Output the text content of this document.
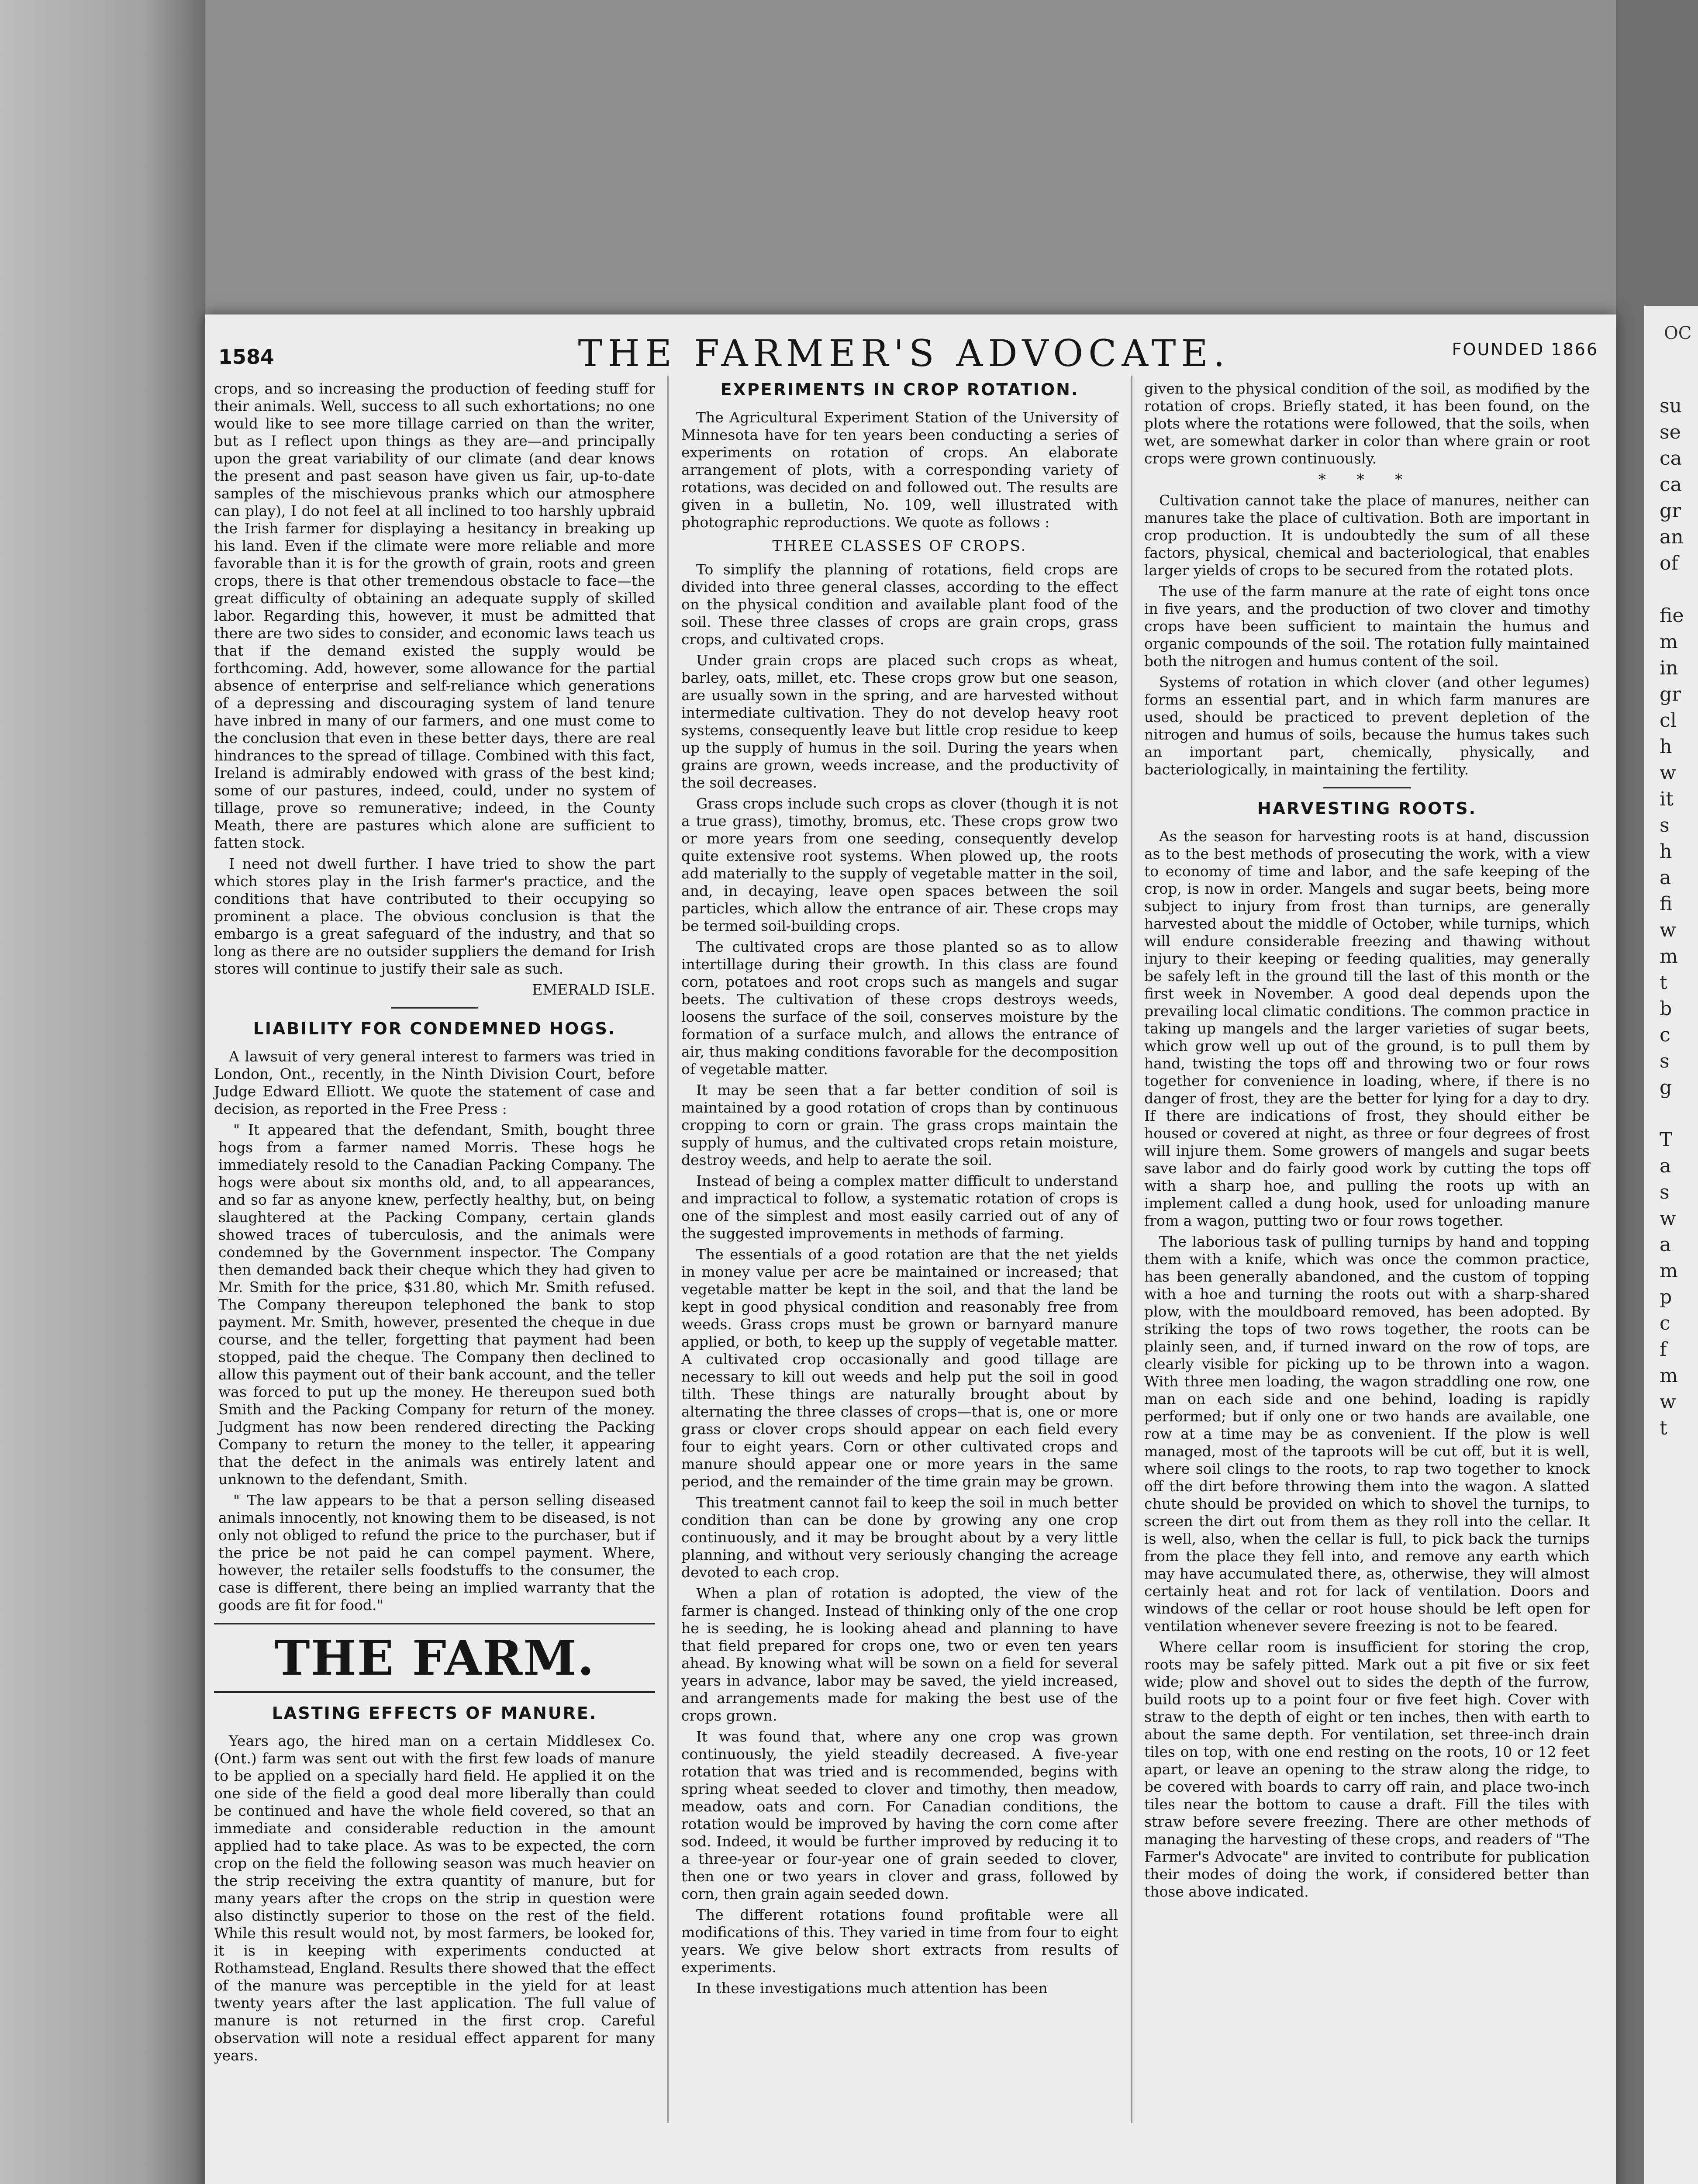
OC
su
se
ca
ca
gr
an
of
fie
m
in
gr
cl
h
w
it
s
h
a
fi
w
m
t
b
c
s
g
T
a
s
w
a
m
p
c
f
m
w
t
1584	THE FARMER'S ADVOCATE.	FOUNDED 1866

crops, and so increasing the production of feeding stuff for their animals. Well, success to all such exhortations; no one would like to see more tillage carried on than the writer, but as I reflect upon things as they are—and principally upon the great variability of our climate (and dear knows the present and past season have given us fair, up-to-date samples of the mischievous pranks which our atmosphere can play), I do not feel at all inclined to too harshly upbraid the Irish farmer for displaying a hesitancy in breaking up his land. Even if the climate were more reliable and more favorable than it is for the growth of grain, roots and green crops, there is that other tremendous obstacle to face—the great difficulty of obtaining an adequate supply of skilled labor. Regarding this, however, it must be admitted that there are two sides to consider, and economic laws teach us that if the demand existed the supply would be forthcoming. Add, however, some allowance for the partial absence of enterprise and self-reliance which generations of a depressing and discouraging system of land tenure have inbred in many of our farmers, and one must come to the conclusion that even in these better days, there are real hindrances to the spread of tillage. Combined with this fact, Ireland is admirably endowed with grass of the best kind; some of our pastures, indeed, could, under no system of tillage, prove so remunerative; indeed, in the County Meath, there are pastures which alone are sufficient to fatten stock.

I need not dwell further. I have tried to show the part which stores play in the Irish farmer's practice, and the conditions that have contributed to their occupying so prominent a place. The obvious conclusion is that the embargo is a great safeguard of the industry, and that so long as there are no outsider suppliers the demand for Irish stores will continue to justify their sale as such.

EMERALD ISLE.

LIABILITY FOR CONDEMNED HOGS.

A lawsuit of very general interest to farmers was tried in London, Ont., recently, in the Ninth Division Court, before Judge Edward Elliott. We quote the statement of case and decision, as reported in the Free Press :

" It appeared that the defendant, Smith, bought three hogs from a farmer named Morris. These hogs he immediately resold to the Canadian Packing Company. The hogs were about six months old, and, to all appearances, and so far as anyone knew, perfectly healthy, but, on being slaughtered at the Packing Company, certain glands showed traces of tuberculosis, and the animals were condemned by the Government inspector. The Company then demanded back their cheque which they had given to Mr. Smith for the price, $31.80, which Mr. Smith refused. The Company thereupon telephoned the bank to stop payment. Mr. Smith, however, presented the cheque in due course, and the teller, forgetting that payment had been stopped, paid the cheque. The Company then declined to allow this payment out of their bank account, and the teller was forced to put up the money. He thereupon sued both Smith and the Packing Company for return of the money. Judgment has now been rendered directing the Packing Company to return the money to the teller, it appearing that the defect in the animals was entirely latent and unknown to the defendant, Smith.

" The law appears to be that a person selling diseased animals innocently, not knowing them to be diseased, is not only not obliged to refund the price to the purchaser, but if the price be not paid he can compel payment. Where, however, the retailer sells foodstuffs to the consumer, the case is different, there being an implied warranty that the goods are fit for food."

THE FARM.
LASTING EFFECTS OF MANURE.

Years ago, the hired man on a certain Middlesex Co. (Ont.) farm was sent out with the first few loads of manure to be applied on a specially hard field. He applied it on the one side of the field a good deal more liberally than could be continued and have the whole field covered, so that an immediate and considerable reduction in the amount applied had to take place. As was to be expected, the corn crop on the field the following season was much heavier on the strip receiving the extra quantity of manure, but for many years after the crops on the strip in question were also distinctly superior to those on the rest of the field. While this result would not, by most farmers, be looked for, it is in keeping with experiments conducted at Rothamstead, England. Results there showed that the effect of the manure was perceptible in the yield for at least twenty years after the last application. The full value of manure is not returned in the first crop. Careful observation will note a residual effect apparent for many years.

EXPERIMENTS IN CROP ROTATION.

The Agricultural Experiment Station of the University of Minnesota have for ten years been conducting a series of experiments on rotation of crops. An elaborate arrangement of plots, with a corresponding variety of rotations, was decided on and followed out. The results are given in a bulletin, No. 109, well illustrated with photographic reproductions. We quote as follows :

THREE CLASSES OF CROPS.

To simplify the planning of rotations, field crops are divided into three general classes, according to the effect on the physical condition and available plant food of the soil. These three classes of crops are grain crops, grass crops, and cultivated crops.

Under grain crops are placed such crops as wheat, barley, oats, millet, etc. These crops grow but one season, are usually sown in the spring, and are harvested without intermediate cultivation. They do not develop heavy root systems, consequently leave but little crop residue to keep up the supply of humus in the soil. During the years when grains are grown, weeds increase, and the productivity of the soil decreases.

Grass crops include such crops as clover (though it is not a true grass), timothy, bromus, etc. These crops grow two or more years from one seeding, consequently develop quite extensive root systems. When plowed up, the roots add materially to the supply of vegetable matter in the soil, and, in decaying, leave open spaces between the soil particles, which allow the entrance of air. These crops may be termed soil-building crops.

The cultivated crops are those planted so as to allow intertillage during their growth. In this class are found corn, potatoes and root crops such as mangels and sugar beets. The cultivation of these crops destroys weeds, loosens the surface of the soil, conserves moisture by the formation of a surface mulch, and allows the entrance of air, thus making conditions favorable for the decomposition of vegetable matter.

It may be seen that a far better condition of soil is maintained by a good rotation of crops than by continuous cropping to corn or grain. The grass crops maintain the supply of humus, and the cultivated crops retain moisture, destroy weeds, and help to aerate the soil.

Instead of being a complex matter difficult to understand and impractical to follow, a systematic rotation of crops is one of the simplest and most easily carried out of any of the suggested improvements in methods of farming.

The essentials of a good rotation are that the net yields in money value per acre be maintained or increased; that vegetable matter be kept in the soil, and that the land be kept in good physical condition and reasonably free from weeds. Grass crops must be grown or barnyard manure applied, or both, to keep up the supply of vegetable matter. A cultivated crop occasionally and good tillage are necessary to kill out weeds and help put the soil in good tilth. These things are naturally brought about by alternating the three classes of crops—that is, one or more grass or clover crops should appear on each field every four to eight years. Corn or other cultivated crops and manure should appear one or more years in the same period, and the remainder of the time grain may be grown.

This treatment cannot fail to keep the soil in much better condition than can be done by growing any one crop continuously, and it may be brought about by a very little planning, and without very seriously changing the acreage devoted to each crop.

When a plan of rotation is adopted, the view of the farmer is changed. Instead of thinking only of the one crop he is seeding, he is looking ahead and planning to have that field prepared for crops one, two or even ten years ahead. By knowing what will be sown on a field for several years in advance, labor may be saved, the yield increased, and arrangements made for making the best use of the crops grown.

It was found that, where any one crop was grown continuously, the yield steadily decreased. A five-year rotation that was tried and is recommended, begins with spring wheat seeded to clover and timothy, then meadow, meadow, oats and corn. For Canadian conditions, the rotation would be improved by having the corn come after sod. Indeed, it would be further improved by reducing it to a three-year or four-year one of grain seeded to clover, then one or two years in clover and grass, followed by corn, then grain again seeded down.

The different rotations found profitable were all modifications of this. They varied in time from four to eight years. We give below short extracts from results of experiments.

In these investigations much attention has been

given to the physical condition of the soil, as modified by the rotation of crops. Briefly stated, it has been found, on the plots where the rotations were followed, that the soils, when wet, are somewhat darker in color than where grain or root crops were grown continuously.

* * *

Cultivation cannot take the place of manures, neither can manures take the place of cultivation. Both are important in crop production. It is undoubtedly the sum of all these factors, physical, chemical and bacteriological, that enables larger yields of crops to be secured from the rotated plots.

The use of the farm manure at the rate of eight tons once in five years, and the production of two clover and timothy crops have been sufficient to maintain the humus and organic compounds of the soil. The rotation fully maintained both the nitrogen and humus content of the soil.

Systems of rotation in which clover (and other legumes) forms an essential part, and in which farm manures are used, should be practiced to prevent depletion of the nitrogen and humus of soils, because the humus takes such an important part, chemically, physically, and bacteriologically, in maintaining the fertility.

HARVESTING ROOTS.

As the season for harvesting roots is at hand, discussion as to the best methods of prosecuting the work, with a view to economy of time and labor, and the safe keeping of the crop, is now in order. Mangels and sugar beets, being more subject to injury from frost than turnips, are generally harvested about the middle of October, while turnips, which will endure considerable freezing and thawing without injury to their keeping or feeding qualities, may generally be safely left in the ground till the last of this month or the first week in November. A good deal depends upon the prevailing local climatic conditions. The common practice in taking up mangels and the larger varieties of sugar beets, which grow well up out of the ground, is to pull them by hand, twisting the tops off and throwing two or four rows together for convenience in loading, where, if there is no danger of frost, they are the better for lying for a day to dry. If there are indications of frost, they should either be housed or covered at night, as three or four degrees of frost will injure them. Some growers of mangels and sugar beets save labor and do fairly good work by cutting the tops off with a sharp hoe, and pulling the roots up with an implement called a dung hook, used for unloading manure from a wagon, putting two or four rows together.

The laborious task of pulling turnips by hand and topping them with a knife, which was once the common practice, has been generally abandoned, and the custom of topping with a hoe and turning the roots out with a sharp-shared plow, with the mouldboard removed, has been adopted. By striking the tops of two rows together, the roots can be plainly seen, and, if turned inward on the row of tops, are clearly visible for picking up to be thrown into a wagon. With three men loading, the wagon straddling one row, one man on each side and one behind, loading is rapidly performed; but if only one or two hands are available, one row at a time may be as convenient. If the plow is well managed, most of the taproots will be cut off, but it is well, where soil clings to the roots, to rap two together to knock off the dirt before throwing them into the wagon. A slatted chute should be provided on which to shovel the turnips, to screen the dirt out from them as they roll into the cellar. It is well, also, when the cellar is full, to pick back the turnips from the place they fell into, and remove any earth which may have accumulated there, as, otherwise, they will almost certainly heat and rot for lack of ventilation. Doors and windows of the cellar or root house should be left open for ventilation whenever severe freezing is not to be feared.

Where cellar room is insufficient for storing the crop, roots may be safely pitted. Mark out a pit five or six feet wide; plow and shovel out to sides the depth of the furrow, build roots up to a point four or five feet high. Cover with straw to the depth of eight or ten inches, then with earth to about the same depth. For ventilation, set three-inch drain tiles on top, with one end resting on the roots, 10 or 12 feet apart, or leave an opening to the straw along the ridge, to be covered with boards to carry off rain, and place two-inch tiles near the bottom to cause a draft. Fill the tiles with straw before severe freezing. There are other methods of managing the harvesting of these crops, and readers of "The Farmer's Advocate" are invited to contribute for publication their modes of doing the work, if considered better than those above indicated.
